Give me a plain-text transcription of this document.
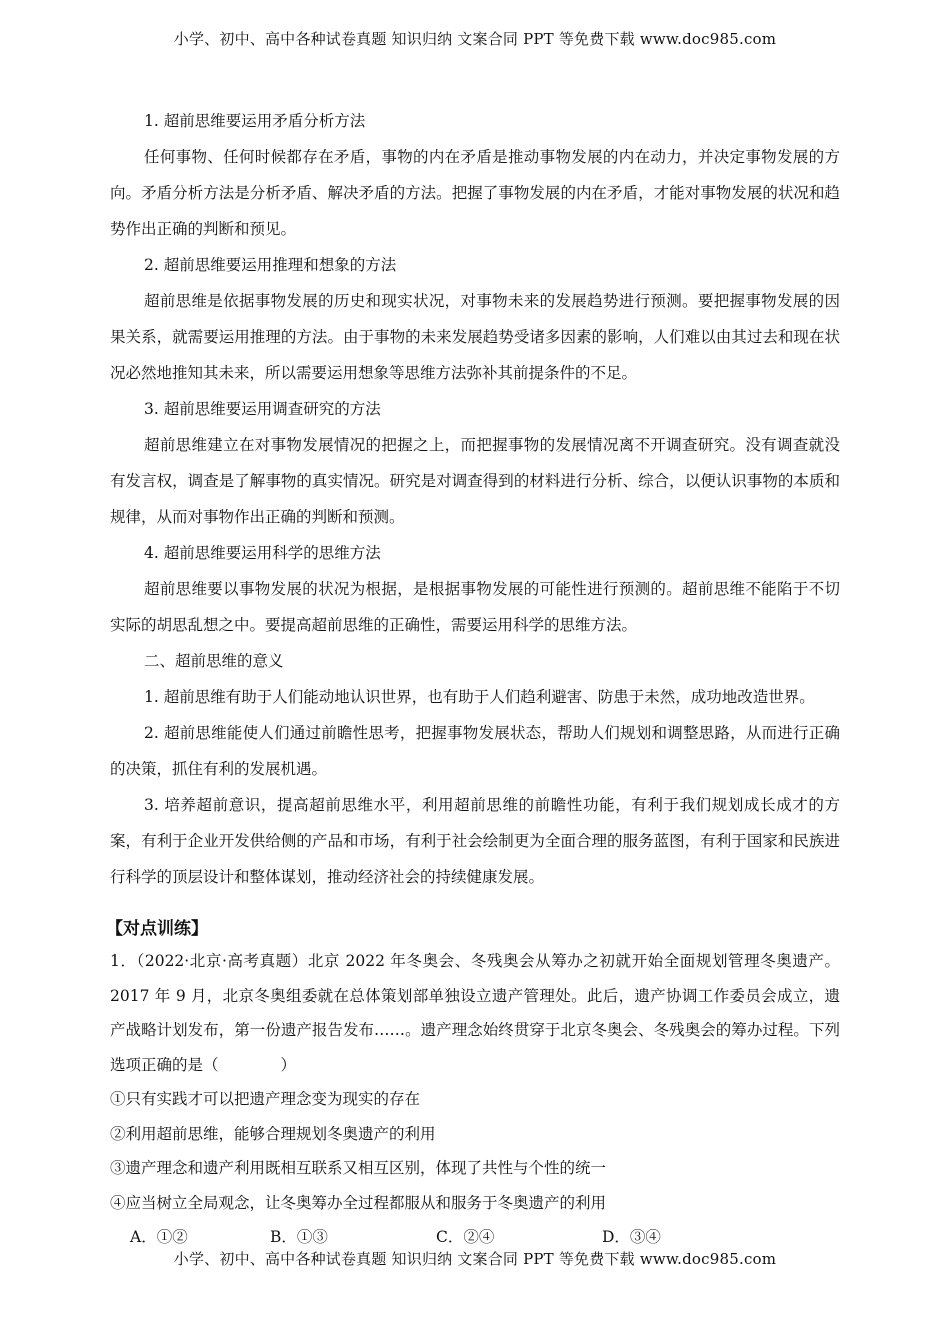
小学、初中、高中各种试卷真题 知识归纳 文案合同 PPT 等免费下载 www.doc985.com

1. 超前思维要运用矛盾分析方法

任何事物、任何时候都存在矛盾，事物的内在矛盾是推动事物发展的内在动力，并决定事物发展的方向。矛盾分析方法是分析矛盾、解决矛盾的方法。把握了事物发展的内在矛盾，才能对事物发展的状况和趋势作出正确的判断和预见。

2. 超前思维要运用推理和想象的方法

超前思维是依据事物发展的历史和现实状况，对事物未来的发展趋势进行预测。要把握事物发展的因果关系，就需要运用推理的方法。由于事物的未来发展趋势受诸多因素的影响，人们难以由其过去和现在状况必然地推知其未来，所以需要运用想象等思维方法弥补其前提条件的不足。

3. 超前思维要运用调查研究的方法

超前思维建立在对事物发展情况的把握之上，而把握事物的发展情况离不开调查研究。没有调查就没有发言权，调查是了解事物的真实情况。研究是对调查得到的材料进行分析、综合，以便认识事物的本质和规律，从而对事物作出正确的判断和预测。

4. 超前思维要运用科学的思维方法

超前思维要以事物发展的状况为根据，是根据事物发展的可能性进行预测的。超前思维不能陷于不切实际的胡思乱想之中。要提高超前思维的正确性，需要运用科学的思维方法。

二、超前思维的意义

1. 超前思维有助于人们能动地认识世界，也有助于人们趋利避害、防患于未然，成功地改造世界。

2. 超前思维能使人们通过前瞻性思考，把握事物发展状态，帮助人们规划和调整思路，从而进行正确的决策，抓住有利的发展机遇。

3. 培养超前意识，提高超前思维水平，利用超前思维的前瞻性功能，有利于我们规划成长成才的方案，有利于企业开发供给侧的产品和市场，有利于社会绘制更为全面合理的服务蓝图，有利于国家和民族进行科学的顶层设计和整体谋划，推动经济社会的持续健康发展。

【对点训练】

1．（2022·北京·高考真题）北京 2022 年冬奥会、冬残奥会从筹办之初就开始全面规划管理冬奥遗产。2017 年 9 月，北京冬奥组委就在总体策划部单独设立遗产管理处。此后，遗产协调工作委员会成立，遗产战略计划发布，第一份遗产报告发布……。遗产理念始终贯穿于北京冬奥会、冬残奥会的筹办过程。下列选项正确的是（　　　　）

①只有实践才可以把遗产理念变为现实的存在

②利用超前思维，能够合理规划冬奥遗产的利用

③遗产理念和遗产利用既相互联系又相互区别，体现了共性与个性的统一

④应当树立全局观念，让冬奥筹办全过程都服从和服务于冬奥遗产的利用

A．①②	B．①③	C．②④	D．③④
小学、初中、高中各种试卷真题 知识归纳 文案合同 PPT 等免费下载 www.doc985.com
